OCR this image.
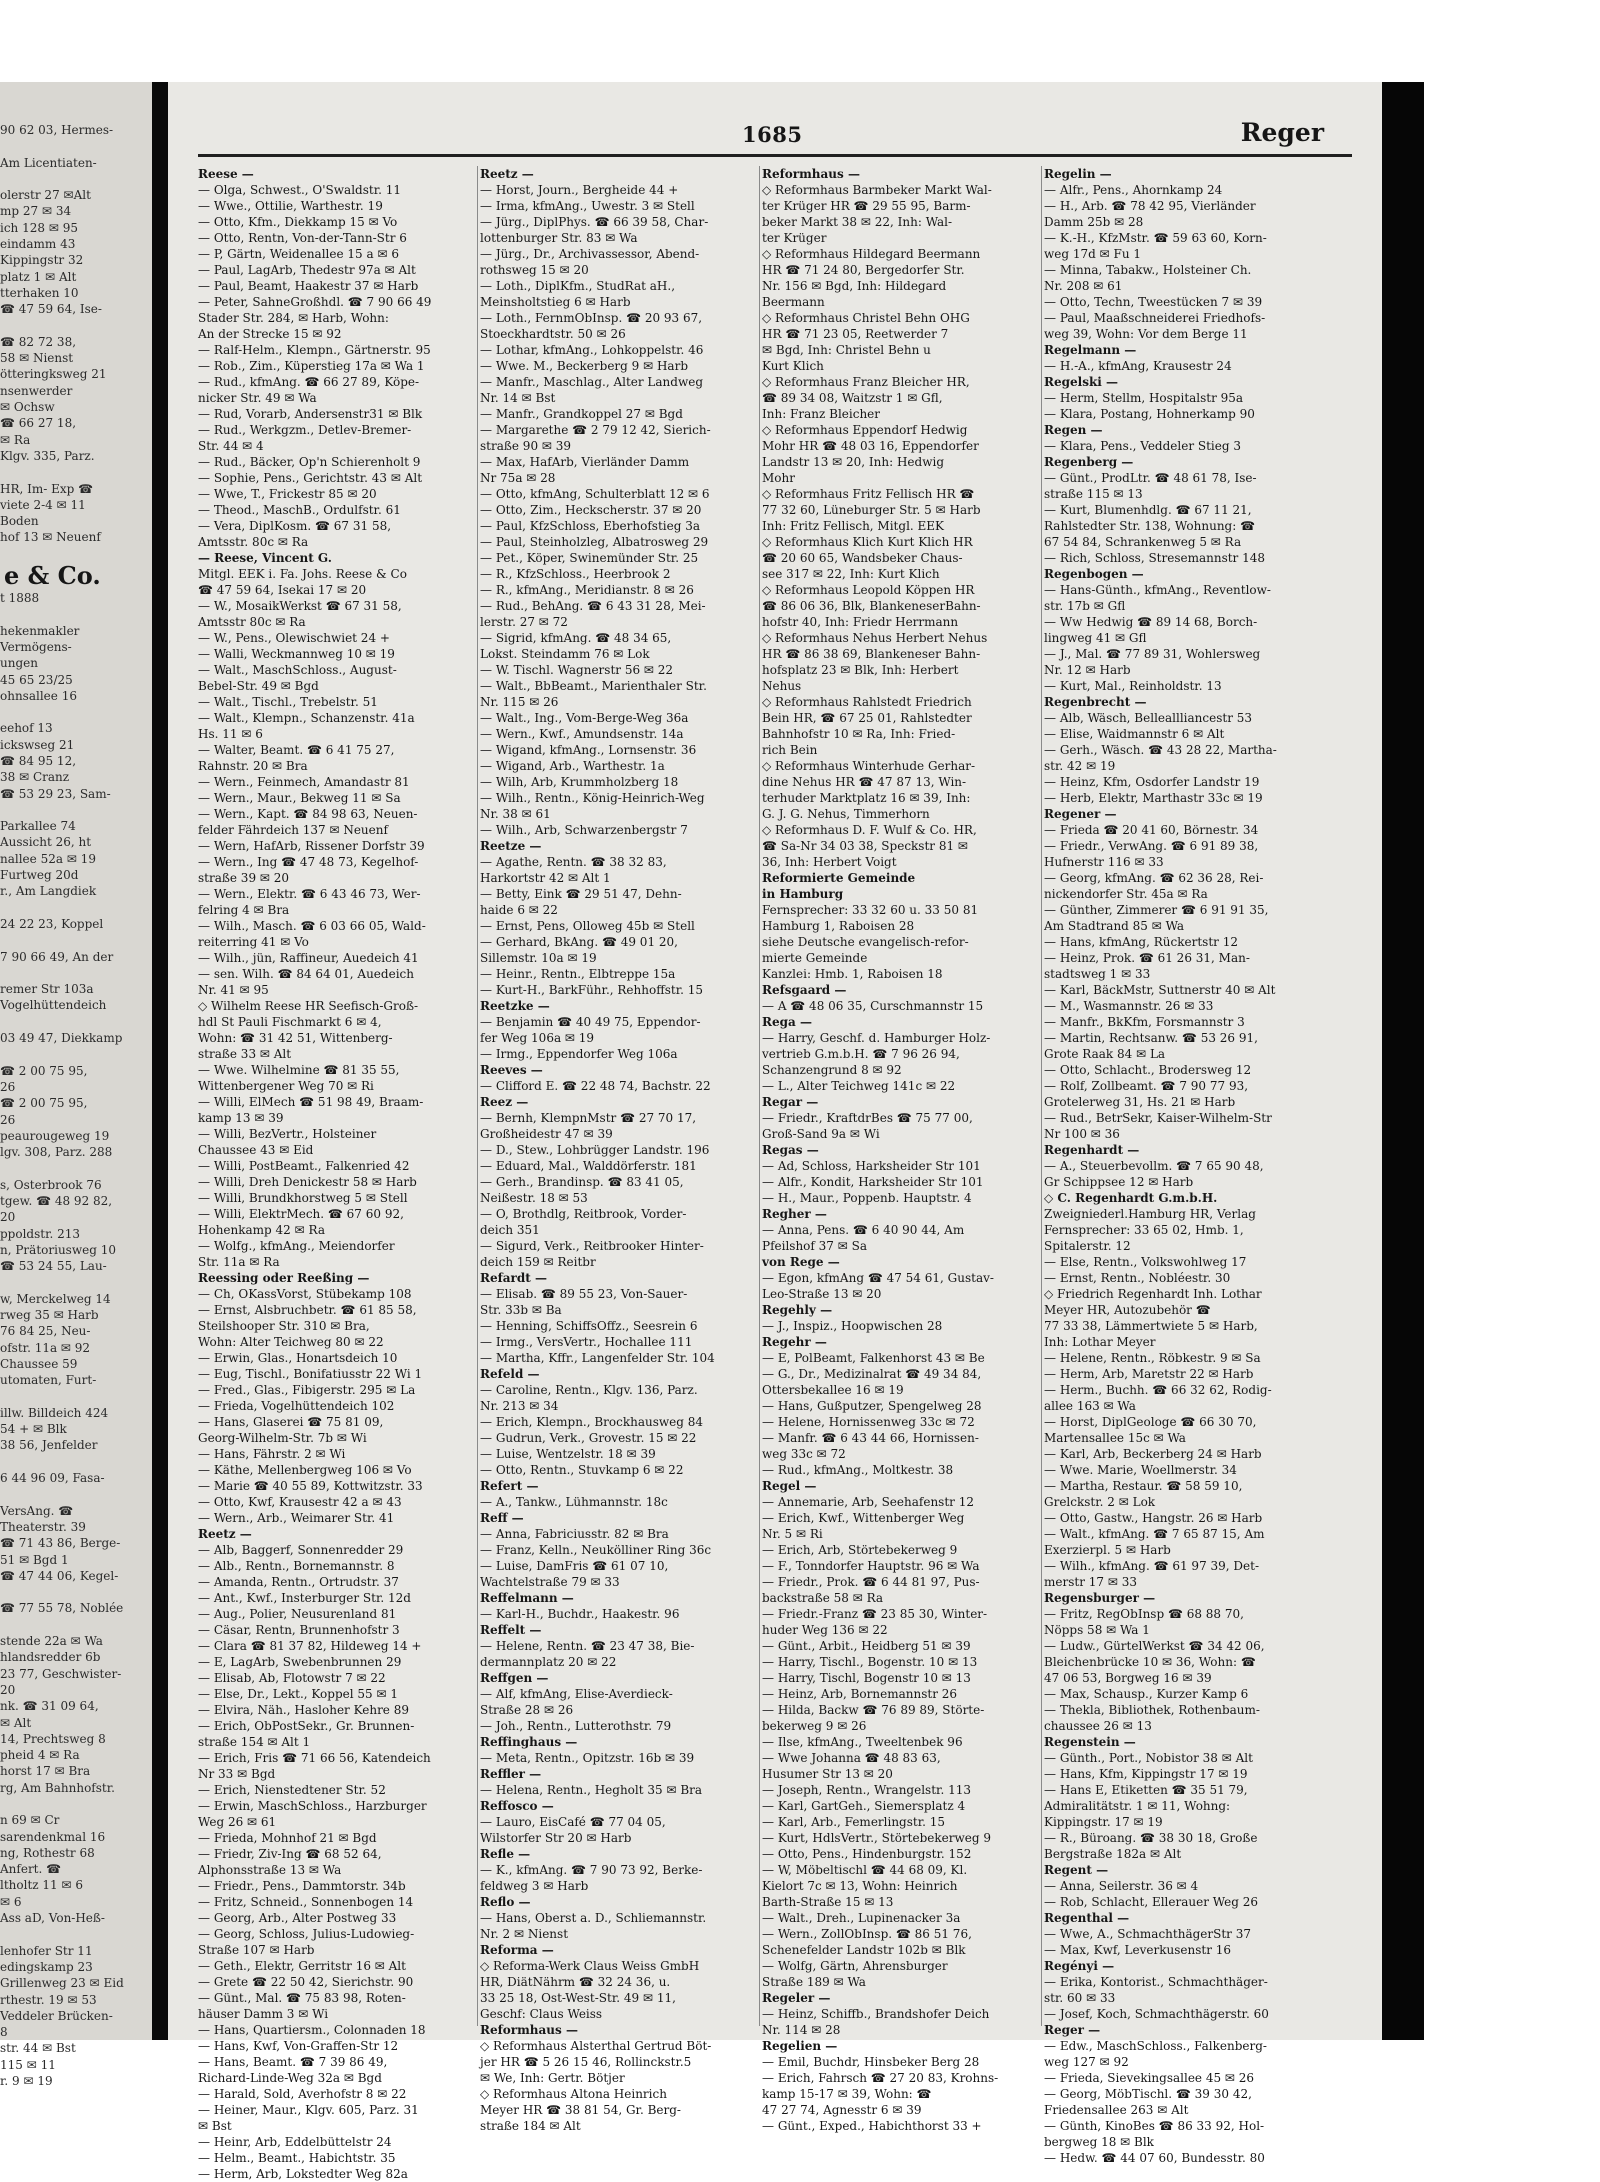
90 62 03, Hermes-

Am Licentiaten-

olerstr 27 ✉Alt
mp 27 ✉ 34
ich 128 ✉ 95
eindamm 43
Kippingstr 32
platz 1 ✉ Alt
tterhaken 10
☎ 47 59 64, Ise-

☎ 82 72 38,
58 ✉ Nienst
ötteringksweg 21
nsenwerder
✉ Ochsw
☎ 66 27 18,
✉ Ra
Klgv. 335, Parz.

HR, Im- Exp ☎
viete 2-4 ✉ 11
Boden
hof 13 ✉ Neuenf

e & Co.
t 1888

hekenmakler
Vermögens-
ungen
45 65 23/25
ohnsallee 16

eehof 13
ickswseg 21
☎ 84 95 12,
38 ✉ Cranz
☎ 53 29 23, Sam-

Parkallee 74
Aussicht 26, ht
nallee 52a ✉ 19
Furtweg 20d
r., Am Langdiek

24 22 23, Koppel

7 90 66 49, An der

remer Str 103a
Vogelhüttendeich

03 49 47, Diekkamp

☎ 2 00 75 95,
26
☎ 2 00 75 95,
26
peaurougeweg 19
lgv. 308, Parz. 288

s, Osterbrook 76
tgew. ☎ 48 92 82,
20
ppoldstr. 213
n, Prätoriusweg 10
☎ 53 24 55, Lau-

w, Merckelweg 14
rweg 35 ✉ Harb
76 84 25, Neu-
ofstr. 11a ✉ 92
Chaussee 59
utomaten, Furt-

illw. Billdeich 424
54 + ✉ Blk
38 56, Jenfelder

6 44 96 09, Fasa-

VersAng. ☎
Theaterstr. 39
☎ 71 43 86, Berge-
51 ✉ Bgd 1
☎ 47 44 06, Kegel-

☎ 77 55 78, Noblée

stende 22a ✉ Wa
hlandsredder 6b
23 77, Geschwister-
20
nk. ☎ 31 09 64,
✉ Alt
14, Prechtsweg 8
pheid 4 ✉ Ra
horst 17 ✉ Bra
rg, Am Bahnhofstr.

n 69 ✉ Cr
sarendenkmal 16
ng, Rothestr 68
Anfert. ☎
ltholtz 11 ✉ 6
✉ 6
Ass aD, Von-Heß-

lenhofer Str 11
edingskamp 23
Grillenweg 23 ✉ Eid
rthestr. 19 ✉ 53
Veddeler Brücken-
8
str. 44 ✉ Bst
115 ✉ 11
r. 9 ✉ 19
1685	Reger
Reese —
— Olga, Schwest., O'Swaldstr. 11
— Wwe., Ottilie, Warthestr. 19
— Otto, Kfm., Diekkamp 15 ✉ Vo
— Otto, Rentn, Von-der-Tann-Str 6
— P, Gärtn, Weidenallee 15 a ✉ 6
— Paul, LagArb, Thedestr 97a ✉ Alt
— Paul, Beamt, Haakestr 37 ✉ Harb
— Peter, SahneGroßhdl. ☎ 7 90 66 49
Stader Str. 284, ✉ Harb, Wohn:
An der Strecke 15 ✉ 92
— Ralf-Helm., Klempn., Gärtnerstr. 95
— Rob., Zim., Küperstieg 17a ✉ Wa 1
— Rud., kfmAng. ☎ 66 27 89, Köpe-
nicker Str. 49 ✉ Wa
— Rud, Vorarb, Andersenstr31 ✉ Blk
— Rud., Werkgzm., Detlev-Bremer-
Str. 44 ✉ 4
— Rud., Bäcker, Op'n Schierenholt 9
— Sophie, Pens., Gerichtstr. 43 ✉ Alt
— Wwe, T., Frickestr 85 ✉ 20
— Theod., MaschB., Ordulfstr. 61
— Vera, DiplKosm. ☎ 67 31 58,
Amtsstr. 80c ✉ Ra
— Reese, Vincent G.
Mitgl. EEK i. Fa. Johs. Reese & Co
☎ 47 59 64, Isekai 17 ✉ 20
— W., MosaikWerkst ☎ 67 31 58,
Amtsstr 80c ✉ Ra
— W., Pens., Olewischwiet 24 +
— Walli, Weckmannweg 10 ✉ 19
— Walt., MaschSchloss., August-
Bebel-Str. 49 ✉ Bgd
— Walt., Tischl., Trebelstr. 51
— Walt., Klempn., Schanzenstr. 41a
Hs. 11 ✉ 6
— Walter, Beamt. ☎ 6 41 75 27,
Rahnstr. 20 ✉ Bra
— Wern., Feinmech, Amandastr 81
— Wern., Maur., Bekweg 11 ✉ Sa
— Wern., Kapt. ☎ 84 98 63, Neuen-
felder Fährdeich 137 ✉ Neuenf
— Wern, HafArb, Rissener Dorfstr 39
— Wern., Ing ☎ 47 48 73, Kegelhof-
straße 39 ✉ 20
— Wern., Elektr. ☎ 6 43 46 73, Wer-
felring 4 ✉ Bra
— Wilh., Masch. ☎ 6 03 66 05, Wald-
reiterring 41 ✉ Vo
— Wilh., jün, Raffineur, Auedeich 41
— sen. Wilh. ☎ 84 64 01, Auedeich
Nr. 41 ✉ 95
◇ Wilhelm Reese HR Seefisch-Groß-
hdl St Pauli Fischmarkt 6 ✉ 4,
Wohn: ☎ 31 42 51, Wittenberg-
straße 33 ✉ Alt
— Wwe. Wilhelmine ☎ 81 35 55,
Wittenbergener Weg 70 ✉ Ri
— Willi, ElMech ☎ 51 98 49, Braam-
kamp 13 ✉ 39
— Willi, BezVertr., Holsteiner
Chaussee 43 ✉ Eid
— Willi, PostBeamt., Falkenried 42
— Willi, Dreh Denickestr 58 ✉ Harb
— Willi, Brundkhorstweg 5 ✉ Stell
— Willi, ElektrMech. ☎ 67 60 92,
Hohenkamp 42 ✉ Ra
— Wolfg., kfmAng., Meiendorfer
Str. 11a ✉ Ra
Reessing oder Reeßing —
— Ch, OKassVorst, Stübekamp 108
— Ernst, Alsbruchbetr. ☎ 61 85 58,
Steilshooper Str. 310 ✉ Bra,
Wohn: Alter Teichweg 80 ✉ 22
— Erwin, Glas., Honartsdeich 10
— Eug, Tischl., Bonifatiusstr 22 Wi 1
— Fred., Glas., Fibigerstr. 295 ✉ La
— Frieda, Vogelhüttendeich 102
— Hans, Glaserei ☎ 75 81 09,
Georg-Wilhelm-Str. 7b ✉ Wi
— Hans, Fährstr. 2 ✉ Wi
— Käthe, Mellenbergweg 106 ✉ Vo
— Marie ☎ 40 55 89, Kottwitzstr. 33
— Otto, Kwf, Krausestr 42 a ✉ 43
— Wern., Arb., Weimarer Str. 41
Reetz —
— Alb, Baggerf, Sonnenredder 29
— Alb., Rentn., Bornemannstr. 8
— Amanda, Rentn., Ortrudstr. 37
— Ant., Kwf., Insterburger Str. 12d
— Aug., Polier, Neusurenland 81
— Cäsar, Rentn, Brunnenhofstr 3
— Clara ☎ 81 37 82, Hildeweg 14 +
— E, LagArb, Swebenbrunnen 29
— Elisab, Ab, Flotowstr 7 ✉ 22
— Else, Dr., Lekt., Koppel 55 ✉ 1
— Elvira, Näh., Hasloher Kehre 89
— Erich, ObPostSekr., Gr. Brunnen-
straße 154 ✉ Alt 1
— Erich, Fris ☎ 71 66 56, Katendeich
Nr 33 ✉ Bgd
— Erich, Nienstedtener Str. 52
— Erwin, MaschSchloss., Harzburger
Weg 26 ✉ 61
— Frieda, Mohnhof 21 ✉ Bgd
— Friedr, Ziv-Ing ☎ 68 52 64,
Alphonsstraße 13 ✉ Wa
— Friedr., Pens., Dammtorstr. 34b
— Fritz, Schneid., Sonnenbogen 14
— Georg, Arb., Alter Postweg 33
— Georg, Schloss, Julius-Ludowieg-
Straße 107 ✉ Harb
— Geth., Elektr, Gerritstr 16 ✉ Alt
— Grete ☎ 22 50 42, Sierichstr. 90
— Günt., Mal. ☎ 75 83 98, Roten-
häuser Damm 3 ✉ Wi
— Hans, Quartiersm., Colonnaden 18
— Hans, Kwf, Von-Graffen-Str 12
— Hans, Beamt. ☎ 7 39 86 49,
Richard-Linde-Weg 32a ✉ Bgd
— Harald, Sold, Averhofstr 8 ✉ 22
— Heiner, Maur., Klgv. 605, Parz. 31
✉ Bst
— Heinr, Arb, Eddelbüttelstr 24
— Helm., Beamt., Habichtstr. 35
— Herm, Arb, Lokstedter Weg 82a
Reetz —
— Horst, Journ., Bergheide 44 +
— Irma, kfmAng., Uwestr. 3 ✉ Stell
— Jürg., DiplPhys. ☎ 66 39 58, Char-
lottenburger Str. 83 ✉ Wa
— Jürg., Dr., Archivassessor, Abend-
rothsweg 15 ✉ 20
— Loth., DiplKfm., StudRat aH.,
Meinsholtstieg 6 ✉ Harb
— Loth., FernmObInsp. ☎ 20 93 67,
Stoeckhardtstr. 50 ✉ 26
— Lothar, kfmAng., Lohkoppelstr. 46
— Wwe. M., Beckerberg 9 ✉ Harb
— Manfr., Maschlag., Alter Landweg
Nr. 14 ✉ Bst
— Manfr., Grandkoppel 27 ✉ Bgd
— Margarethe ☎ 2 79 12 42, Sierich-
straße 90 ✉ 39
— Max, HafArb, Vierländer Damm
Nr 75a ✉ 28
— Otto, kfmAng, Schulterblatt 12 ✉ 6
— Otto, Zim., Heckscherstr. 37 ✉ 20
— Paul, KfzSchloss, Eberhofstieg 3a
— Paul, Steinholzleg, Albatrosweg 29
— Pet., Köper, Swinemünder Str. 25
— R., KfzSchloss., Heerbrook 2
— R., kfmAng., Meridianstr. 8 ✉ 26
— Rud., BehAng. ☎ 6 43 31 28, Mei-
lerstr. 27 ✉ 72
— Sigrid, kfmAng. ☎ 48 34 65,
Lokst. Steindamm 76 ✉ Lok
— W. Tischl. Wagnerstr 56 ✉ 22
— Walt., BbBeamt., Marienthaler Str.
Nr. 115 ✉ 26
— Walt., Ing., Vom-Berge-Weg 36a
— Wern., Kwf., Amundsenstr. 14a
— Wigand, kfmAng., Lornsenstr. 36
— Wigand, Arb., Warthestr. 1a
— Wilh, Arb, Krummholzberg 18
— Wilh., Rentn., König-Heinrich-Weg
Nr. 38 ✉ 61
— Wilh., Arb, Schwarzenbergstr 7
Reetze —
— Agathe, Rentn. ☎ 38 32 83,
Harkortstr 42 ✉ Alt 1
— Betty, Eink ☎ 29 51 47, Dehn-
haide 6 ✉ 22
— Ernst, Pens, Olloweg 45b ✉ Stell
— Gerhard, BkAng. ☎ 49 01 20,
Sillemstr. 10a ✉ 19
— Heinr., Rentn., Elbtreppe 15a
— Kurt-H., BarkFühr., Rehhoffstr. 15
Reetzke —
— Benjamin ☎ 40 49 75, Eppendor-
fer Weg 106a ✉ 19
— Irmg., Eppendorfer Weg 106a
Reeves —
— Clifford E. ☎ 22 48 74, Bachstr. 22
Reez —
— Bernh, KlempnMstr ☎ 27 70 17,
Großheidestr 47 ✉ 39
— D., Stew., Lohbrügger Landstr. 196
— Eduard, Mal., Walddörferstr. 181
— Gerh., Brandinsp. ☎ 83 41 05,
Neißestr. 18 ✉ 53
— O, Brothdlg, Reitbrook, Vorder-
deich 351
— Sigurd, Verk., Reitbrooker Hinter-
deich 159 ✉ Reitbr
Refardt —
— Elisab. ☎ 89 55 23, Von-Sauer-
Str. 33b ✉ Ba
— Henning, SchiffsOffz., Seesrein 6
— Irmg., VersVertr., Hochallee 111
— Martha, Kffr., Langenfelder Str. 104
Refeld —
— Caroline, Rentn., Klgv. 136, Parz.
Nr. 213 ✉ 34
— Erich, Klempn., Brockhausweg 84
— Gudrun, Verk., Grovestr. 15 ✉ 22
— Luise, Wentzelstr. 18 ✉ 39
— Otto, Rentn., Stuvkamp 6 ✉ 22
Refert —
— A., Tankw., Lühmannstr. 18c
Reff —
— Anna, Fabriciusstr. 82 ✉ Bra
— Franz, Kelln., Neukölliner Ring 36c
— Luise, DamFris ☎ 61 07 10,
Wachtelstraße 79 ✉ 33
Reffelmann —
— Karl-H., Buchdr., Haakestr. 96
Reffelt —
— Helene, Rentn. ☎ 23 47 38, Bie-
dermannplatz 20 ✉ 22
Reffgen —
— Alf, kfmAng, Elise-Averdieck-
Straße 28 ✉ 26
— Joh., Rentn., Lutterothstr. 79
Reffinghaus —
— Meta, Rentn., Opitzstr. 16b ✉ 39
Reffler —
— Helena, Rentn., Hegholt 35 ✉ Bra
Reffosco —
— Lauro, EisCafé ☎ 77 04 05,
Wilstorfer Str 20 ✉ Harb
Refle —
— K., kfmAng. ☎ 7 90 73 92, Berke-
feldweg 3 ✉ Harb
Reflo —
— Hans, Oberst a. D., Schliemannstr.
Nr. 2 ✉ Nienst
Reforma —
◇ Reforma-Werk Claus Weiss GmbH
HR, DiätNährm ☎ 32 24 36, u.
33 25 18, Ost-West-Str. 49 ✉ 11,
Geschf: Claus Weiss
Reformhaus —
◇ Reformhaus Alsterthal Gertrud Böt-
jer HR ☎ 5 26 15 46, Rollinckstr.5
✉ We, Inh: Gertr. Bötjer
◇ Reformhaus Altona Heinrich
Meyer HR ☎ 38 81 54, Gr. Berg-
straße 184 ✉ Alt
Reformhaus —
◇ Reformhaus Barmbeker Markt Wal-
ter Krüger HR ☎ 29 55 95, Barm-
beker Markt 38 ✉ 22, Inh: Wal-
ter Krüger
◇ Reformhaus Hildegard Beermann
HR ☎ 71 24 80, Bergedorfer Str.
Nr. 156 ✉ Bgd, Inh: Hildegard
Beermann
◇ Reformhaus Christel Behn OHG
HR ☎ 71 23 05, Reetwerder 7
✉ Bgd, Inh: Christel Behn u
Kurt Klich
◇ Reformhaus Franz Bleicher HR,
☎ 89 34 08, Waitzstr 1 ✉ Gfl,
Inh: Franz Bleicher
◇ Reformhaus Eppendorf Hedwig
Mohr HR ☎ 48 03 16, Eppendorfer
Landstr 13 ✉ 20, Inh: Hedwig
Mohr
◇ Reformhaus Fritz Fellisch HR ☎
77 32 60, Lüneburger Str. 5 ✉ Harb
Inh: Fritz Fellisch, Mitgl. EEK
◇ Reformhaus Klich Kurt Klich HR
☎ 20 60 65, Wandsbeker Chaus-
see 317 ✉ 22, Inh: Kurt Klich
◇ Reformhaus Leopold Köppen HR
☎ 86 06 36, Blk, BlankeneserBahn-
hofstr 40, Inh: Friedr Herrmann
◇ Reformhaus Nehus Herbert Nehus
HR ☎ 86 38 69, Blankeneser Bahn-
hofsplatz 23 ✉ Blk, Inh: Herbert
Nehus
◇ Reformhaus Rahlstedt Friedrich
Bein HR, ☎ 67 25 01, Rahlstedter
Bahnhofstr 10 ✉ Ra, Inh: Fried-
rich Bein
◇ Reformhaus Winterhude Gerhar-
dine Nehus HR ☎ 47 87 13, Win-
terhuder Marktplatz 16 ✉ 39, Inh:
G. J. G. Nehus, Timmerhorn
◇ Reformhaus D. F. Wulf & Co. HR,
☎ Sa-Nr 34 03 38, Speckstr 81 ✉
36, Inh: Herbert Voigt
Reformierte Gemeinde
in Hamburg
Fernsprecher: 33 32 60 u. 33 50 81
Hamburg 1, Raboisen 28
siehe Deutsche evangelisch-refor-
mierte Gemeinde
Kanzlei: Hmb. 1, Raboisen 18
Refsgaard —
— A ☎ 48 06 35, Curschmannstr 15
Rega —
— Harry, Geschf. d. Hamburger Holz-
vertrieb G.m.b.H. ☎ 7 96 26 94,
Schanzengrund 8 ✉ 92
— L., Alter Teichweg 141c ✉ 22
Regar —
— Friedr., KraftdrBes ☎ 75 77 00,
Groß-Sand 9a ✉ Wi
Regas —
— Ad, Schloss, Harksheider Str 101
— Alfr., Kondit, Harksheider Str 101
— H., Maur., Poppenb. Hauptstr. 4
Regher —
— Anna, Pens. ☎ 6 40 90 44, Am
Pfeilshof 37 ✉ Sa
von Rege —
— Egon, kfmAng ☎ 47 54 61, Gustav-
Leo-Straße 13 ✉ 20
Regehly —
— J., Inspiz., Hoopwischen 28
Regehr —
— E, PolBeamt, Falkenhorst 43 ✉ Be
— G., Dr., Medizinalrat ☎ 49 34 84,
Ottersbekallee 16 ✉ 19
— Hans, Gußputzer, Spengelweg 28
— Helene, Hornissenweg 33c ✉ 72
— Manfr. ☎ 6 43 44 66, Hornissen-
weg 33c ✉ 72
— Rud., kfmAng., Moltkestr. 38
Regel —
— Annemarie, Arb, Seehafenstr 12
— Erich, Kwf., Wittenberger Weg
Nr. 5 ✉ Ri
— Erich, Arb, Störtebekerweg 9
— F., Tonndorfer Hauptstr. 96 ✉ Wa
— Friedr., Prok. ☎ 6 44 81 97, Pus-
backstraße 58 ✉ Ra
— Friedr.-Franz ☎ 23 85 30, Winter-
huder Weg 136 ✉ 22
— Günt., Arbit., Heidberg 51 ✉ 39
— Harry, Tischl., Bogenstr. 10 ✉ 13
— Harry, Tischl, Bogenstr 10 ✉ 13
— Heinz, Arb, Bornemannstr 26
— Hilda, Backw ☎ 76 89 89, Störte-
bekerweg 9 ✉ 26
— Ilse, kfmAng., Tweeltenbek 96
— Wwe Johanna ☎ 48 83 63,
Husumer Str 13 ✉ 20
— Joseph, Rentn., Wrangelstr. 113
— Karl, GartGeh., Siemersplatz 4
— Karl, Arb., Femerlingstr. 15
— Kurt, HdlsVertr., Störtebekerweg 9
— Otto, Pens., Hindenburgstr. 152
— W, Möbeltischl ☎ 44 68 09, Kl.
Kielort 7c ✉ 13, Wohn: Heinrich
Barth-Straße 15 ✉ 13
— Walt., Dreh., Lupinenacker 3a
— Wern., ZollObInsp. ☎ 86 51 76,
Schenefelder Landstr 102b ✉ Blk
— Wolfg, Gärtn, Ahrensburger
Straße 189 ✉ Wa
Regeler —
— Heinz, Schiffb., Brandshofer Deich
Nr. 114 ✉ 28
Regelien —
— Emil, Buchdr, Hinsbeker Berg 28
— Erich, Fahrsch ☎ 27 20 83, Krohns-
kamp 15-17 ✉ 39, Wohn: ☎
47 27 74, Agnesstr 6 ✉ 39
— Günt., Exped., Habichthorst 33 +
Regelin —
— Alfr., Pens., Ahornkamp 24
— H., Arb. ☎ 78 42 95, Vierländer
Damm 25b ✉ 28
— K.-H., KfzMstr. ☎ 59 63 60, Korn-
weg 17d ✉ Fu 1
— Minna, Tabakw., Holsteiner Ch.
Nr. 208 ✉ 61
— Otto, Techn, Tweestücken 7 ✉ 39
— Paul, Maaßschneiderei Friedhofs-
weg 39, Wohn: Vor dem Berge 11
Regelmann —
— H.-A., kfmAng, Krausestr 24
Regelski —
— Herm, Stellm, Hospitalstr 95a
— Klara, Postang, Hohnerkamp 90
Regen —
— Klara, Pens., Veddeler Stieg 3
Regenberg —
— Günt., ProdLtr. ☎ 48 61 78, Ise-
straße 115 ✉ 13
— Kurt, Blumenhdlg. ☎ 67 11 21,
Rahlstedter Str. 138, Wohnung: ☎
67 54 84, Schrankenweg 5 ✉ Ra
— Rich, Schloss, Stresemannstr 148
Regenbogen —
— Hans-Günth., kfmAng., Reventlow-
str. 17b ✉ Gfl
— Ww Hedwig ☎ 89 14 68, Borch-
lingweg 41 ✉ Gfl
— J., Mal. ☎ 77 89 31, Wohlersweg
Nr. 12 ✉ Harb
— Kurt, Mal., Reinholdstr. 13
Regenbrecht —
— Alb, Wäsch, Belleallliancestr 53
— Elise, Waidmannstr 6 ✉ Alt
— Gerh., Wäsch. ☎ 43 28 22, Martha-
str. 42 ✉ 19
— Heinz, Kfm, Osdorfer Landstr 19
— Herb, Elektr, Marthastr 33c ✉ 19
Regener —
— Frieda ☎ 20 41 60, Börnestr. 34
— Friedr., VerwAng. ☎ 6 91 89 38,
Hufnerstr 116 ✉ 33
— Georg, kfmAng. ☎ 62 36 28, Rei-
nickendorfer Str. 45a ✉ Ra
— Günther, Zimmerer ☎ 6 91 91 35,
Am Stadtrand 85 ✉ Wa
— Hans, kfmAng, Rückertstr 12
— Heinz, Prok. ☎ 61 26 31, Man-
stadtsweg 1 ✉ 33
— Karl, BäckMstr, Suttnerstr 40 ✉ Alt
— M., Wasmannstr. 26 ✉ 33
— Manfr., BkKfm, Forsmannstr 3
— Martin, Rechtsanw. ☎ 53 26 91,
Grote Raak 84 ✉ La
— Otto, Schlacht., Brodersweg 12
— Rolf, Zollbeamt. ☎ 7 90 77 93,
Grotelerweg 31, Hs. 21 ✉ Harb
— Rud., BetrSekr, Kaiser-Wilhelm-Str
Nr 100 ✉ 36
Regenhardt —
— A., Steuerbevollm. ☎ 7 65 90 48,
Gr Schippsee 12 ✉ Harb
◇ C. Regenhardt G.m.b.H.
Zweigniederl.Hamburg HR, Verlag
Fernsprecher: 33 65 02, Hmb. 1,
Spitalerstr. 12
— Else, Rentn., Volkswohlweg 17
— Ernst, Rentn., Nobléestr. 30
◇ Friedrich Regenhardt Inh. Lothar
Meyer HR, Autozubehör ☎
77 33 38, Lämmertwiete 5 ✉ Harb,
Inh: Lothar Meyer
— Helene, Rentn., Röbkestr. 9 ✉ Sa
— Herm, Arb, Maretstr 22 ✉ Harb
— Herm., Buchh. ☎ 66 32 62, Rodig-
allee 163 ✉ Wa
— Horst, DiplGeologe ☎ 66 30 70,
Martensallee 15c ✉ Wa
— Karl, Arb, Beckerberg 24 ✉ Harb
— Wwe. Marie, Woellmerstr. 34
— Martha, Restaur. ☎ 58 59 10,
Grelckstr. 2 ✉ Lok
— Otto, Gastw., Hangstr. 26 ✉ Harb
— Walt., kfmAng. ☎ 7 65 87 15, Am
Exerzierpl. 5 ✉ Harb
— Wilh., kfmAng. ☎ 61 97 39, Det-
merstr 17 ✉ 33
Regensburger —
— Fritz, RegObInsp ☎ 68 88 70,
Nöpps 58 ✉ Wa 1
— Ludw., GürtelWerkst ☎ 34 42 06,
Bleichenbrücke 10 ✉ 36, Wohn: ☎
47 06 53, Borgweg 16 ✉ 39
— Max, Schausp., Kurzer Kamp 6
— Thekla, Bibliothek, Rothenbaum-
chaussee 26 ✉ 13
Regenstein —
— Günth., Port., Nobistor 38 ✉ Alt
— Hans, Kfm, Kippingstr 17 ✉ 19
— Hans E, Etiketten ☎ 35 51 79,
Admiralitätstr. 1 ✉ 11, Wohng:
Kippingstr. 17 ✉ 19
— R., Büroang. ☎ 38 30 18, Große
Bergstraße 182a ✉ Alt
Regent —
— Anna, Seilerstr. 36 ✉ 4
— Rob, Schlacht, Ellerauer Weg 26
Regenthal —
— Wwe, A., SchmachthägerStr 37
— Max, Kwf, Leverkusenstr 16
Regényi —
— Erika, Kontorist., Schmachthäger-
str. 60 ✉ 33
— Josef, Koch, Schmachthägerstr. 60
Reger —
— Edw., MaschSchloss., Falkenberg-
weg 127 ✉ 92
— Frieda, Sievekingsallee 45 ✉ 26
— Georg, MöbTischl. ☎ 39 30 42,
Friedensallee 263 ✉ Alt
— Günth, KinoBes ☎ 86 33 92, Hol-
bergweg 18 ✉ Blk
— Hedw. ☎ 44 07 60, Bundesstr. 80
